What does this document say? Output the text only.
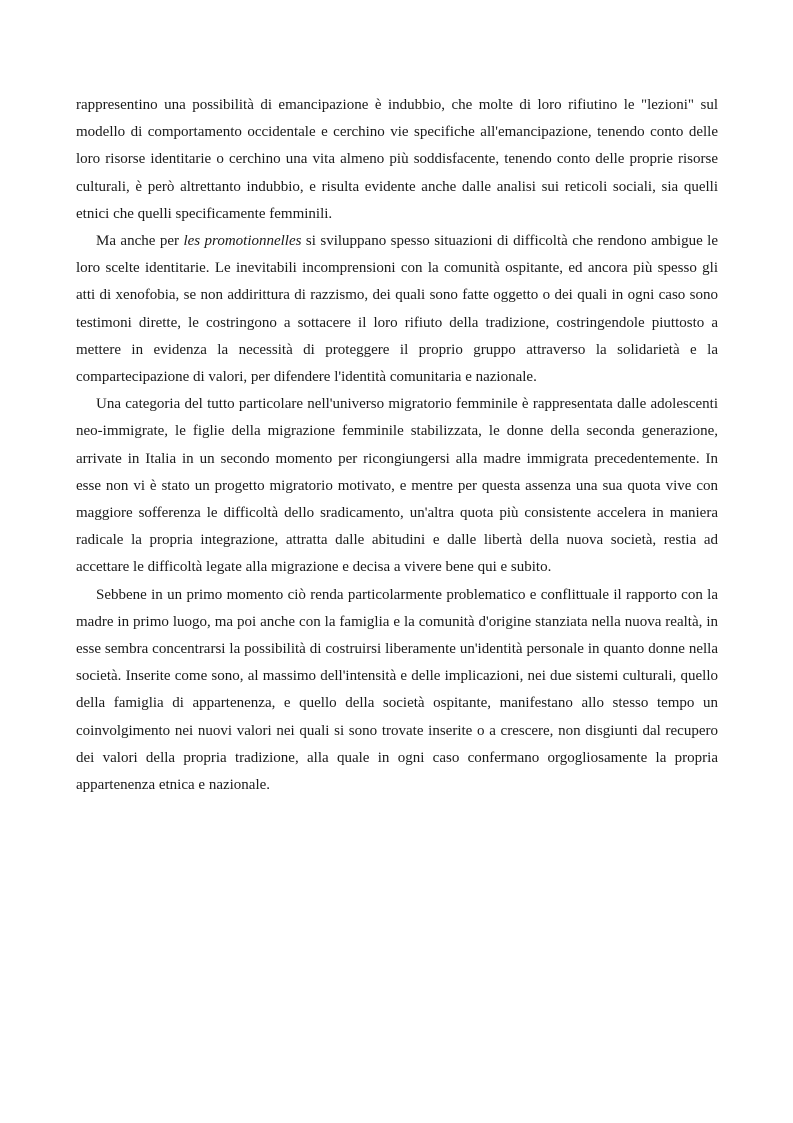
rappresentino una possibilità di emancipazione è indubbio, che molte di loro rifiutino le "lezioni" sul modello di comportamento occidentale e cerchino vie specifiche all'emancipazione, tenendo conto delle loro risorse identitarie o cerchino una vita almeno più soddisfacente, tenendo conto delle proprie risorse culturali, è però altrettanto indubbio, e risulta evidente anche dalle analisi sui reticoli sociali, sia quelli etnici che quelli specificamente femminili.

Ma anche per les promotionnelles si sviluppano spesso situazioni di difficoltà che rendono ambigue le loro scelte identitarie. Le inevitabili incomprensioni con la comunità ospitante, ed ancora più spesso gli atti di xenofobia, se non addirittura di razzismo, dei quali sono fatte oggetto o dei quali in ogni caso sono testimoni dirette, le costringono a sottacere il loro rifiuto della tradizione, costringendole piuttosto a mettere in evidenza la necessità di proteggere il proprio gruppo attraverso la solidarietà e la compartecipazione di valori, per difendere l'identità comunitaria e nazionale.

Una categoria del tutto particolare nell'universo migratorio femminile è rappresentata dalle adolescenti neo-immigrate, le figlie della migrazione femminile stabilizzata, le donne della seconda generazione, arrivate in Italia in un secondo momento per ricongiungersi alla madre immigrata precedentemente. In esse non vi è stato un progetto migratorio motivato, e mentre per questa assenza una sua quota vive con maggiore sofferenza le difficoltà dello sradicamento, un'altra quota più consistente accelera in maniera radicale la propria integrazione, attratta dalle abitudini e dalle libertà della nuova società, restia ad accettare le difficoltà legate alla migrazione e decisa a vivere bene qui e subito.

Sebbene in un primo momento ciò renda particolarmente problematico e conflittuale il rapporto con la madre in primo luogo, ma poi anche con la famiglia e la comunità d'origine stanziata nella nuova realtà, in esse sembra concentrarsi la possibilità di costruirsi liberamente un'identità personale in quanto donne nella società. Inserite come sono, al massimo dell'intensità e delle implicazioni, nei due sistemi culturali, quello della famiglia di appartenenza, e quello della società ospitante, manifestano allo stesso tempo un coinvolgimento nei nuovi valori nei quali si sono trovate inserite o a crescere, non disgiunti dal recupero dei valori della propria tradizione, alla quale in ogni caso confermano orgogliosamente la propria appartenenza etnica e nazionale.
